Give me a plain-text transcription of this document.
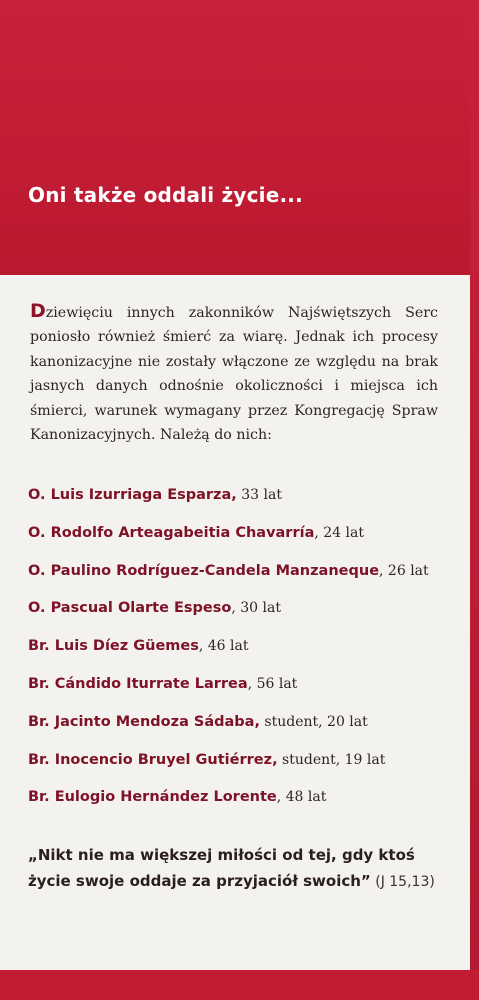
Oni także oddali życie...
Dziewięciu innych zakonników Najświętszych Serc poniosło również śmierć za wiarę. Jednak ich procesy kanonizacyjne nie zostały włączone ze względu na brak jasnych danych odnośnie okoliczności i miejsca ich śmierci, warunek wymagany przez Kongregację Spraw Kanonizacyjnych. Należą do nich:
O. Luis Izurriaga Esparza, 33 lat
O. Rodolfo Arteagabeitia Chavarría, 24 lat
O. Paulino Rodríguez-Candela Manzaneque, 26 lat
O. Pascual Olarte Espeso, 30 lat
Br. Luis Díez Güemes, 46 lat
Br. Cándido Iturrate Larrea, 56 lat
Br. Jacinto Mendoza Sádaba, student, 20 lat
Br. Inocencio Bruyel Gutiérrez, student, 19 lat
Br. Eulogio Hernández Lorente, 48 lat
„Nikt nie ma większej miłości od tej, gdy ktoś życie swoje oddaje za przyjaciół swoich” (J 15,13)
